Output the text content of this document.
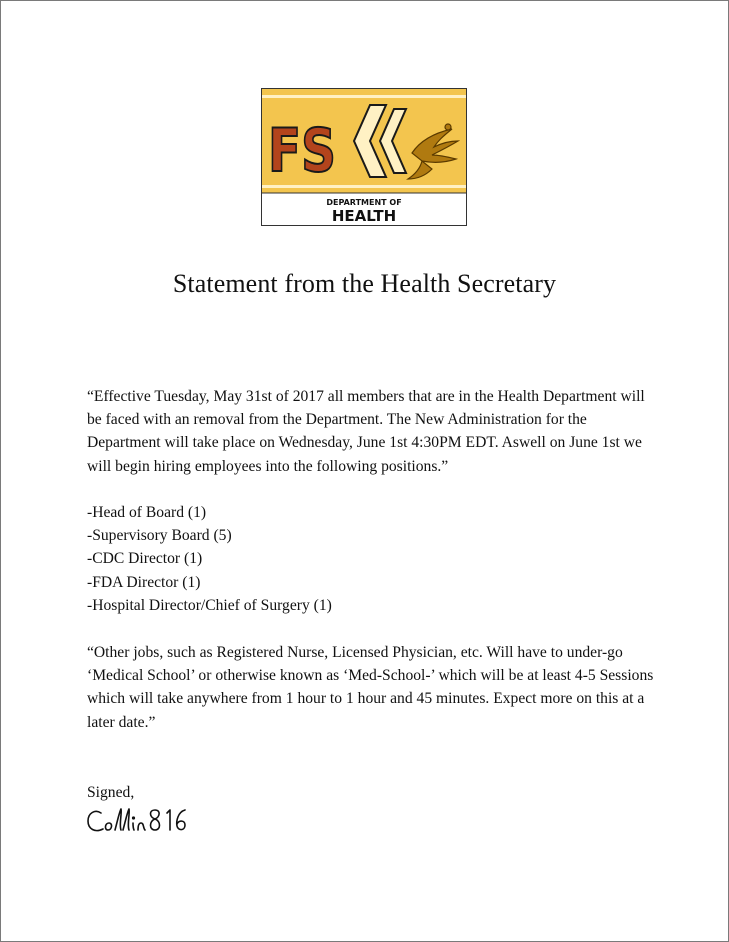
FS
DEPARTMENT OF
HEALTH
Statement from the Health Secretary
“Effective Tuesday, May 31st of 2017 all members that are in the Health Department will be faced with an removal from the Department. The New Administration for the Department will take place on Wednesday, June 1st 4:30PM EDT. Aswell on June 1st we will begin hiring employees into the following positions.”
-Head of Board (1)
-Supervisory Board (5)
-CDC Director (1)
-FDA Director (1)
-Hospital Director/Chief of Surgery (1)
“Other jobs, such as Registered Nurse, Licensed Physician, etc. Will have to under-go ‘Medical School’ or otherwise known as ‘Med-School-’ which will be at least 4-5 Sessions which will take anywhere from 1 hour to 1 hour and 45 minutes. Expect more on this at a later date.”
Signed,
